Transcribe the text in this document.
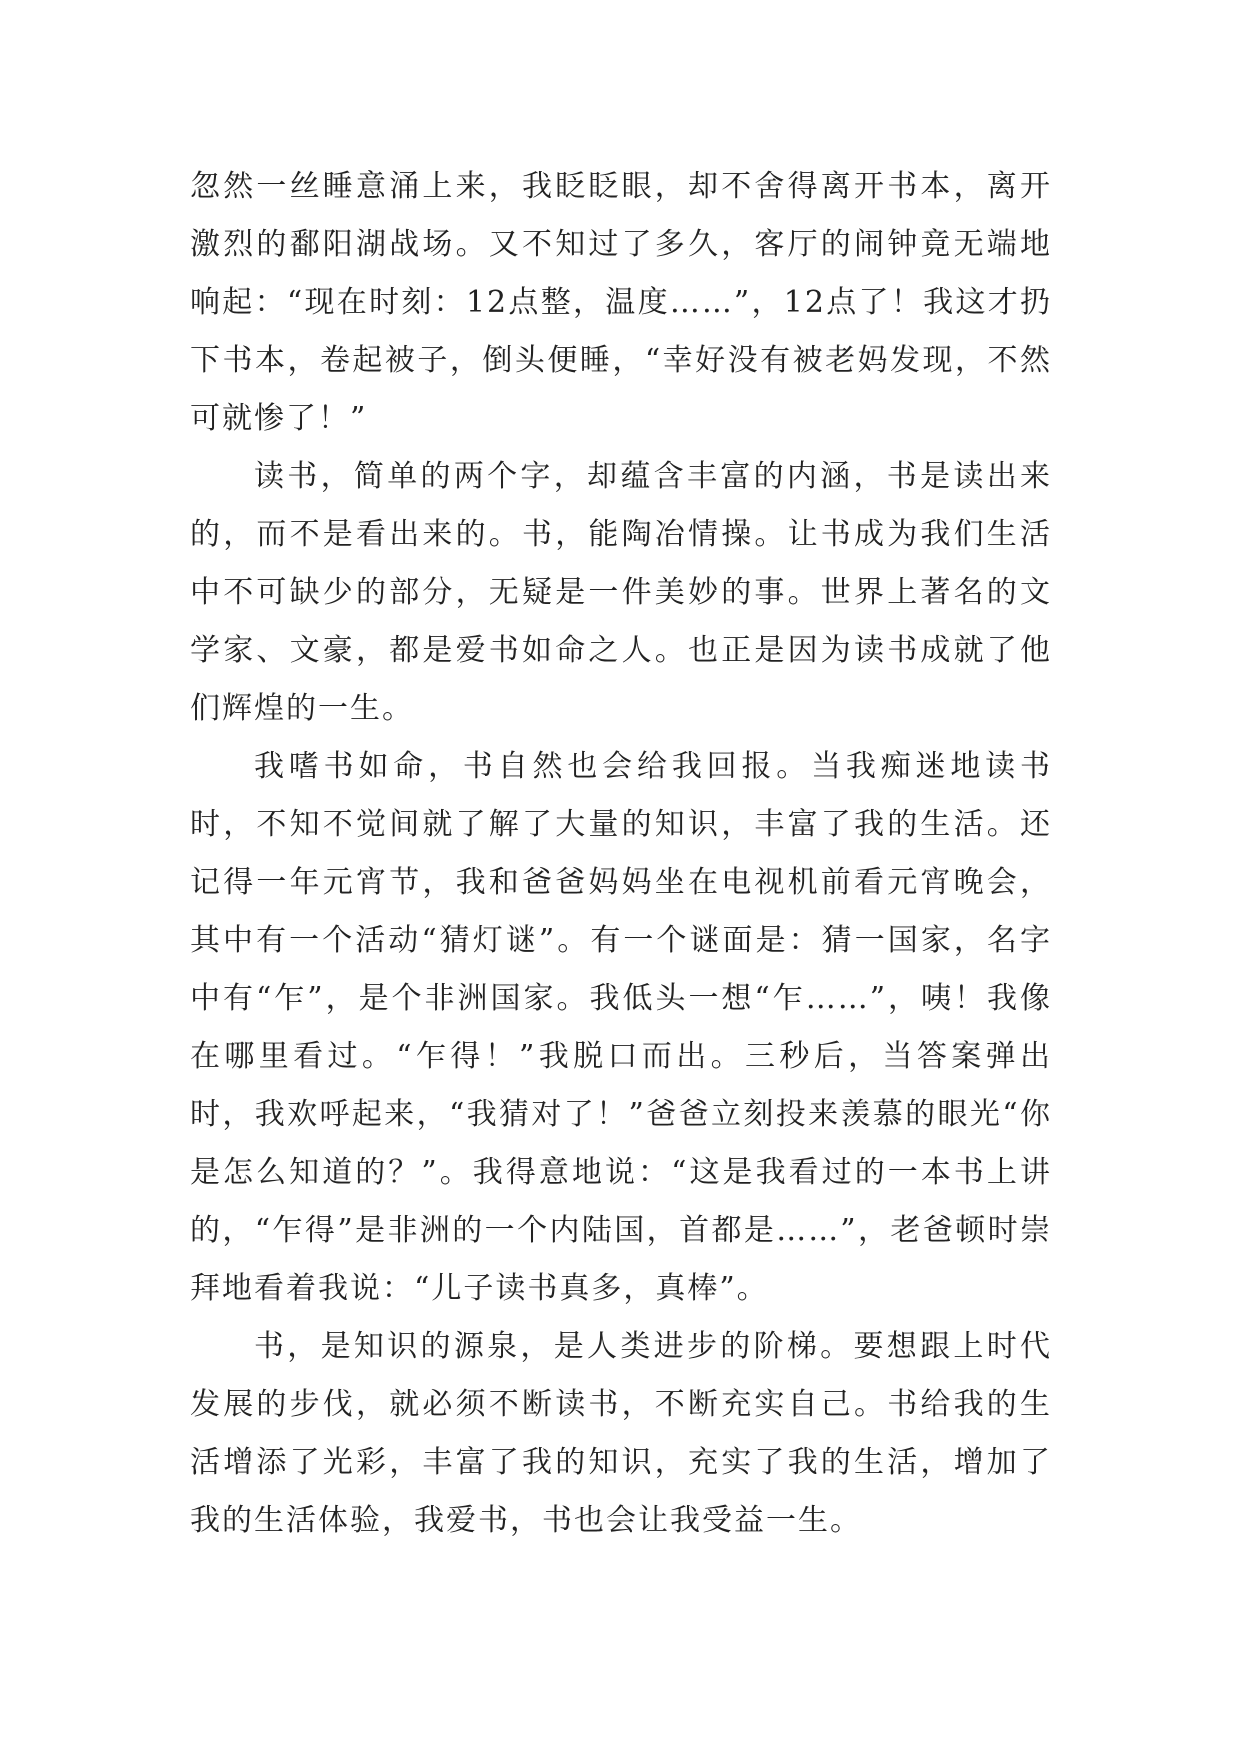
忽然一丝睡意涌上来，我眨眨眼，却不舍得离开书本，离开激烈的鄱阳湖战场。又不知过了多久，客厅的闹钟竟无端地响起：“现在时刻：12点整，温度……”，12点了！我这才扔下书本，卷起被子，倒头便睡，“幸好没有被老妈发现，不然可就惨了！”

读书，简单的两个字，却蕴含丰富的内涵，书是读出来的，而不是看出来的。书，能陶冶情操。让书成为我们生活中不可缺少的部分，无疑是一件美妙的事。世界上著名的文学家、文豪，都是爱书如命之人。也正是因为读书成就了他们辉煌的一生。

我嗜书如命，书自然也会给我回报。当我痴迷地读书时，不知不觉间就了解了大量的知识，丰富了我的生活。还记得一年元宵节，我和爸爸妈妈坐在电视机前看元宵晚会，其中有一个活动“猜灯谜”。有一个谜面是：猜一国家，名字中有“乍”，是个非洲国家。我低头一想“乍……”，咦！我像在哪里看过。“乍得！”我脱口而出。三秒后，当答案弹出时，我欢呼起来，“我猜对了！”爸爸立刻投来羡慕的眼光“你是怎么知道的？”。我得意地说：“这是我看过的一本书上讲的，“乍得”是非洲的一个内陆国，首都是……”，老爸顿时崇拜地看着我说：“儿子读书真多，真棒”。

书，是知识的源泉，是人类进步的阶梯。要想跟上时代发展的步伐，就必须不断读书，不断充实自己。书给我的生活增添了光彩，丰富了我的知识，充实了我的生活，增加了我的生活体验，我爱书，书也会让我受益一生。
